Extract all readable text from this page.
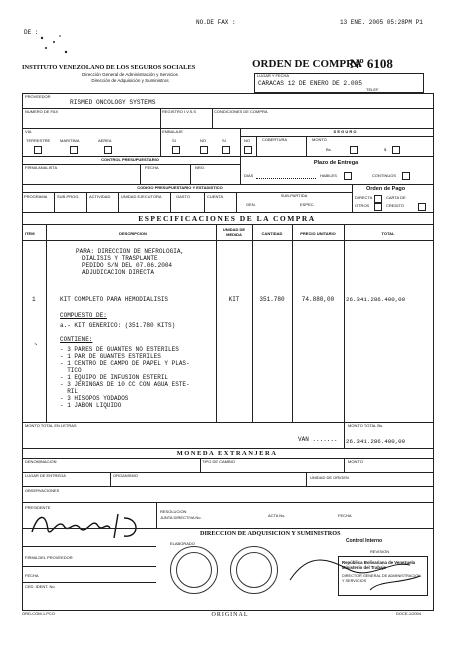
DE :
NO.DE FAX :	13 ENE. 2005 05:28PM P1
INSTITUTO VENEZOLANO DE LOS SEGUROS SOCIALES
Dirección General de Administración y Servicios
Dirección de Adquisición y Suministros
ORDEN DE COMPRA
Nº 6108
LUGAR Y FECHA
CARACAS 12 DE ENERO DE 2.005
TELEF.
PROVEEDOR
RISMED ONCOLOGY SYSTEMS
NUMERO DE FAX	REGISTRO I.V.S.S	CONDICIONES DE COMPRA
VIA	EMBALAJE	S E G U R O
TERRESTRE MARITIMA	AEREA	SI	NO	SI	NO	COBERTURA	MONTO
Bs.	$
CONTROL PRESUPUESTARIO
FIRMA ANALISTA	FECHA	NRO.
Plazo de Entrega
DIAS	HABILES	CONTINUOS
CODIGO PRESUPUESTARIO Y ESTADISTICO
PROGRAMA SUB-PROG. ACTIVIDAD	UNIDAD EJECUTORA	GASTO	CUENTA	SUB-PARTIDA
GEN.	ESPEC.
Orden de Pago
DIRECTA
OTROS
CARTA DE
CREDITO
ESPECIFICACIONES DE LA COMPRA
ITEM	DESCRIPCION
UNIDAD DE MEDIDA	CANTIDAD	PRECIO UNITARIO	TOTAL
PARA: DIRECCION DE NEFROLOGIA,
DIALISIS Y TRASPLANTE
PEDIDO S/N DEL 07.06.2004
ADJUDICACION DIRECTA
1	KIT COMPLETO PARA HEMODIALISIS	KIT	351.780	74.880,00	26.341.286.400,00
COMPUESTO DE:
a.- KIT GENERICO: (351.780 KITS)
CONTIENE:
↘
- 3 PARES DE GUANTES NO ESTERILES
- 1 PAR DE GUANTES ESTERILES
- 1 CENTRO DE CAMPO DE PAPEL Y PLAS-
TICO
- 1 EQUIPO DE INFUSION ESTERIL
- 3 JERINGAS DE 10 CC CON AGUA ESTE-
RIL
- 3 HISOPOS YODADOS
- 1 JABON LIQUIDO
MONTO TOTAL EN LETRAS	MONTO TOTAL Bs.
VAN ....... 26.341.286.400,00
MONEDA EXTRANJERA
DENOMINACION	TIPO DE CAMBIO	MONTO
LUGAR DE ENTREGA	ORGANISMO	UNIDAD DE ORIGEN
OBSERVACIONES
PRESIDENTE
RESOLUCION
JUNTA DIRECTIVA No.	ACTA No.	FECHA
DIRECCION DE ADQUISICION Y SUMINISTROS
Control Interno
REVISION
ELABORADO
República Bolivariana de Venezuela Ministerio del Trabajo
DIRECTOR GENERAL DE ADMINISTRACION Y SERVICIOS
FIRMA DEL PROVEEDOR
FECHA
CED. IDENT. No
ORD-COM-1.PCO	ORIGINAL	DOCE-1/2004
